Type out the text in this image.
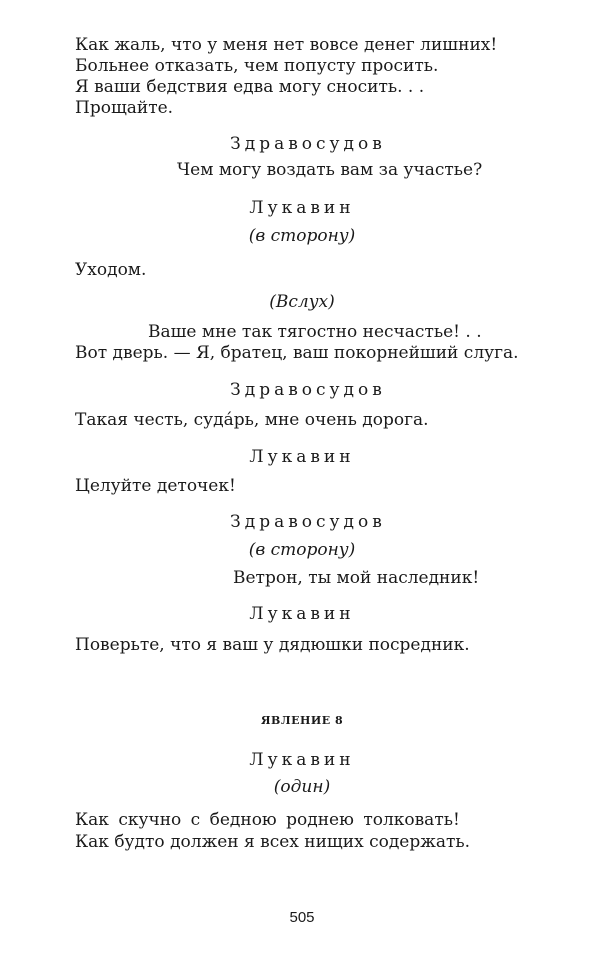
Как жаль, что у меня нет вовсе денег лишних!
Больнее отказать, чем попусту просить.
Я ваши бедствия едва могу сносить. . .
Прощайте.
Здравосудов
Чем могу воздать вам за участье?
Лукавин
(в сторону)
Уходом.
(Вслух)
Ваше мне так тягостно несчастье! . .
Вот дверь. — Я, братец, ваш покорнейший слуга.
Здравосудов
Такая честь, суда́рь, мне очень дорога.
Лукавин
Целуйте деточек!
Здравосудов
(в сторону)
Ветрон, ты мой наследник!
Лукавин
Поверьте, что я ваш у дядюшки посредник.
ЯВЛЕНИЕ 8
Лукавин
(один)
Как скучно с бедною роднею толковать!
Как будто должен я всех нищих содержать.
505
